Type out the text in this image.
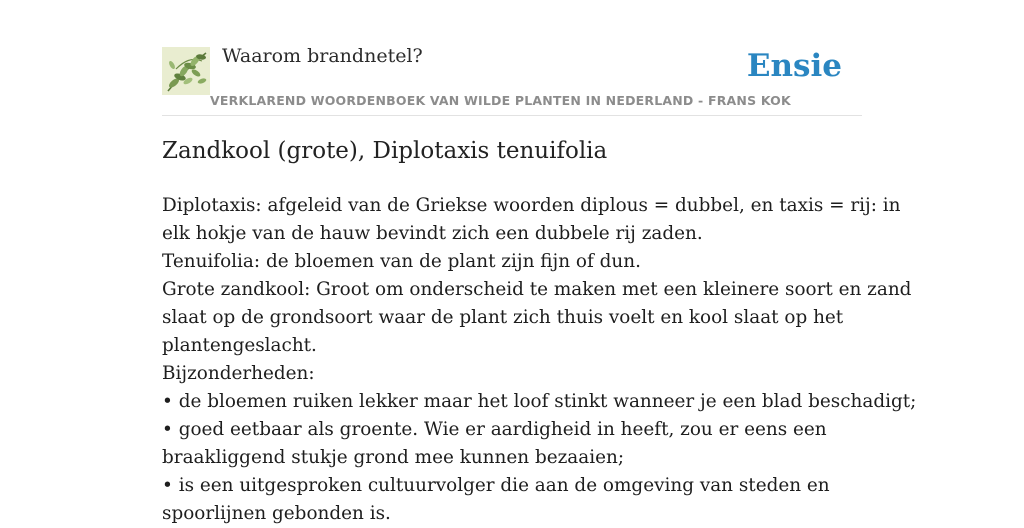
Waarom brandnetel?
VERKLAREND WOORDENBOEK VAN WILDE PLANTEN IN NEDERLAND - FRANS KOK
Ensie
Zandkool (grote), Diplotaxis tenuifolia
Diplotaxis: afgeleid van de Griekse woorden diplous = dubbel, en taxis = rij: in
elk hokje van de hauw bevindt zich een dubbele rij zaden.
Tenuifolia: de bloemen van de plant zijn fijn of dun.
Grote zandkool: Groot om onderscheid te maken met een kleinere soort en zand
slaat op de grondsoort waar de plant zich thuis voelt en kool slaat op het
plantengeslacht.
Bijzonderheden:
• de bloemen ruiken lekker maar het loof stinkt wanneer je een blad beschadigt;
• goed eetbaar als groente. Wie er aardigheid in heeft, zou er eens een
braakliggend stukje grond mee kunnen bezaaien;
• is een uitgesproken cultuurvolger die aan de omgeving van steden en
spoorlijnen gebonden is.
